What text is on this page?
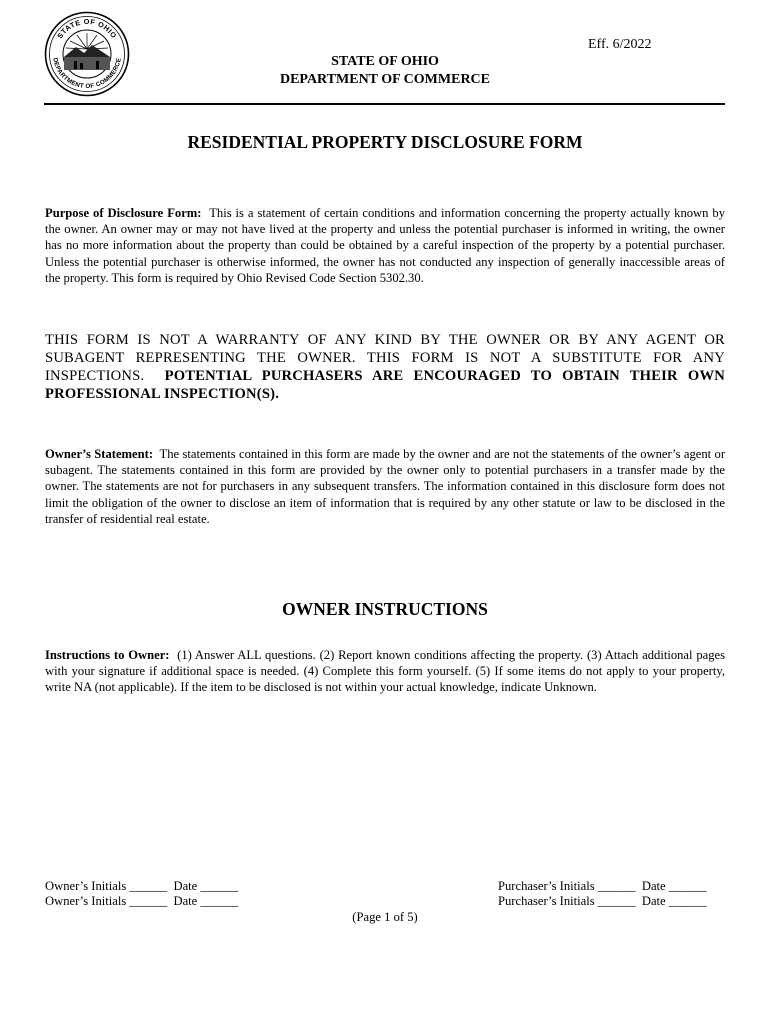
STATE OF OHIO
DEPARTMENT OF COMMERCE
Eff. 6/2022
STATE OF OHIO
DEPARTMENT OF COMMERCE
RESIDENTIAL PROPERTY DISCLOSURE FORM
Purpose of Disclosure Form: This is a statement of certain conditions and information concerning the property actually known by the owner. An owner may or may not have lived at the property and unless the potential purchaser is informed in writing, the owner has no more information about the property than could be obtained by a careful inspection of the property by a potential purchaser. Unless the potential purchaser is otherwise informed, the owner has not conducted any inspection of generally inaccessible areas of the property. This form is required by Ohio Revised Code Section 5302.30.
THIS FORM IS NOT A WARRANTY OF ANY KIND BY THE OWNER OR BY ANY AGENT OR SUBAGENT REPRESENTING THE OWNER. THIS FORM IS NOT A SUBSTITUTE FOR ANY INSPECTIONS. POTENTIAL PURCHASERS ARE ENCOURAGED TO OBTAIN THEIR OWN PROFESSIONAL INSPECTION(S).
Owner’s Statement: The statements contained in this form are made by the owner and are not the statements of the owner’s agent or subagent. The statements contained in this form are provided by the owner only to potential purchasers in a transfer made by the owner. The statements are not for purchasers in any subsequent transfers. The information contained in this disclosure form does not limit the obligation of the owner to disclose an item of information that is required by any other statute or law to be disclosed in the transfer of residential real estate.
OWNER INSTRUCTIONS
Instructions to Owner: (1) Answer ALL questions. (2) Report known conditions affecting the property. (3) Attach additional pages with your signature if additional space is needed. (4) Complete this form yourself. (5) If some items do not apply to your property, write NA (not applicable). If the item to be disclosed is not within your actual knowledge, indicate Unknown.
Owner’s Initials ______  Date ______
Owner’s Initials ______  Date ______
Purchaser’s Initials ______  Date ______
Purchaser’s Initials ______  Date ______
(Page 1 of 5)
